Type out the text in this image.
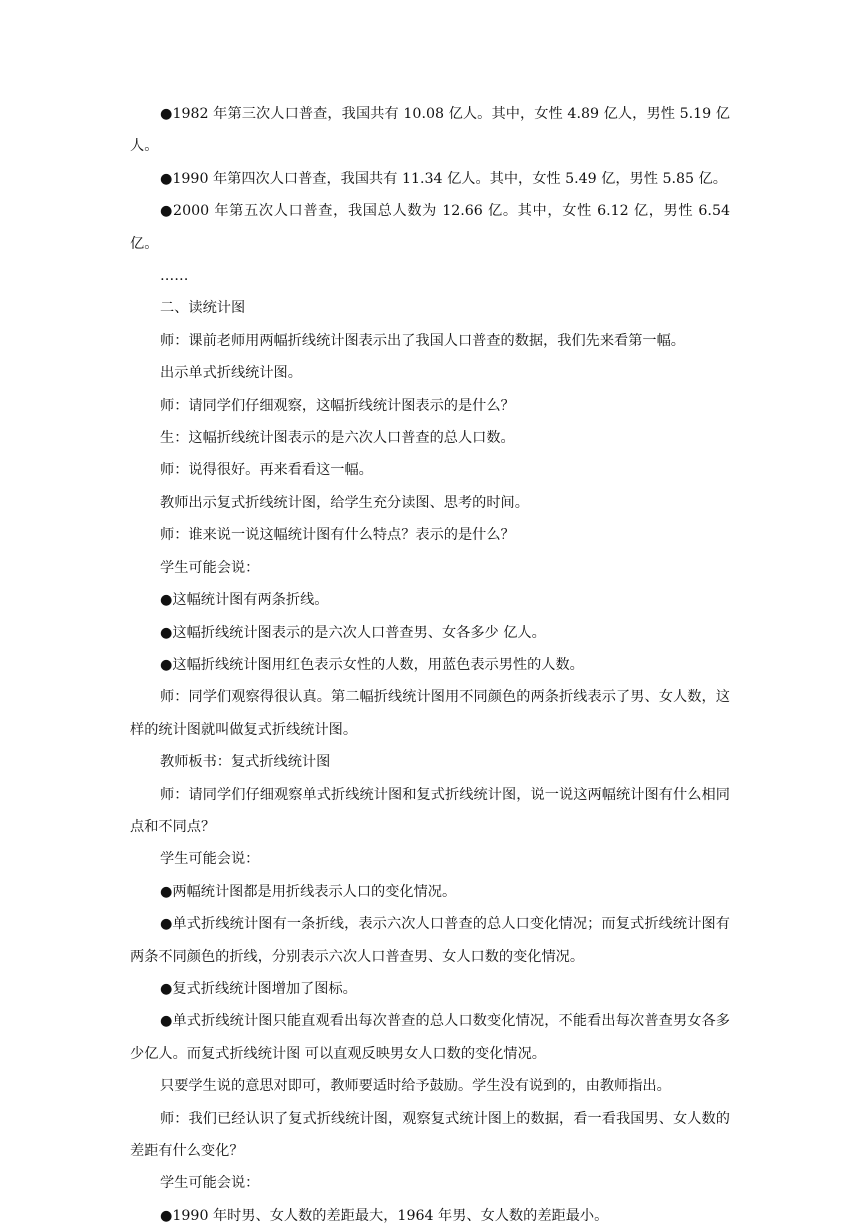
●1982 年第三次人口普查，我国共有 10.08 亿人。其中，女性 4.89 亿人，男性 5.19 亿人。

●1990 年第四次人口普查，我国共有 11.34 亿人。其中，女性 5.49 亿，男性 5.85 亿。

●2000 年第五次人口普查，我国总人数为 12.66 亿。其中，女性 6.12 亿，男性 6.54 亿。

……

二、读统计图

师：课前老师用两幅折线统计图表示出了我国人口普查的数据，我们先来看第一幅。

出示单式折线统计图。

师：请同学们仔细观察，这幅折线统计图表示的是什么？

生：这幅折线统计图表示的是六次人口普查的总人口数。

师：说得很好。再来看看这一幅。

教师出示复式折线统计图，给学生充分读图、思考的时间。

师：谁来说一说这幅统计图有什么特点？表示的是什么？

学生可能会说：

●这幅统计图有两条折线。

●这幅折线统计图表示的是六次人口普查男、女各多少 亿人。

●这幅折线统计图用红色表示女性的人数，用蓝色表示男性的人数。

师：同学们观察得很认真。第二幅折线统计图用不同颜色的两条折线表示了男、女人数，这样的统计图就叫做复式折线统计图。

教师板书：复式折线统计图

师：请同学们仔细观察单式折线统计图和复式折线统计图，说一说这两幅统计图有什么相同点和不同点？

学生可能会说：

●两幅统计图都是用折线表示人口的变化情况。

●单式折线统计图有一条折线，表示六次人口普查的总人口变化情况；而复式折线统计图有两条不同颜色的折线，分别表示六次人口普查男、女人口数的变化情况。

●复式折线统计图增加了图标。

●单式折线统计图只能直观看出每次普查的总人口数变化情况，不能看出每次普查男女各多少亿人。而复式折线统计图 可以直观反映男女人口数的变化情况。

只要学生说的意思对即可，教师要适时给予鼓励。学生没有说到的，由教师指出。

师：我们已经认识了复式折线统计图，观察复式统计图上的数据，看一看我国男、女人数的差距有什么变化？

学生可能会说：

●1990 年时男、女人数的差距最大，1964 年男、女人数的差距最小。
